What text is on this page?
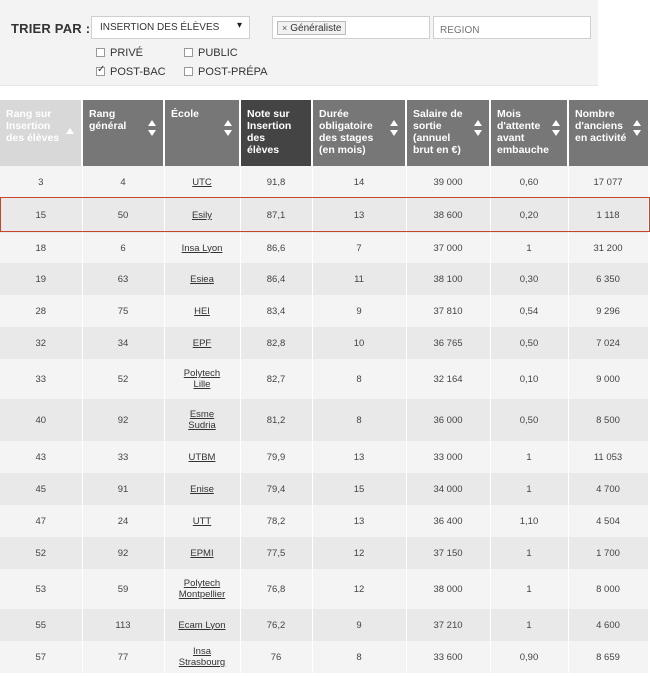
TRIER PAR : INSERTION DES ÉLÈVES ▾	× Généraliste
REGION
PRIVÉ	PUBLIC
✓POST-BAC	POST-PRÉPA
Rang sur Insertion des élèves	Rang général	École	Note sur Insertion des élèves	Durée obligatoire des stages (en mois)	Salaire de sortie (annuel brut en €)	Mois d'attente avant embauche	Nombre d'anciens en activité

3	4	UTC	91,8	14	39 000	0,60	17 077
15	50	Esily	87,1	13	38 600	0,20	1 118
18	6	Insa Lyon	86,6	7	37 000	1	31 200
19	63	Esiea	86,4	11	38 100	0,30	6 350
28	75	HEI	83,4	9	37 810	0,54	9 296
32	34	EPF	82,8	10	36 765	0,50	7 024
33	52	Polytech Lille	82,7	8	32 164	0,10	9 000
40	92	Esme Sudria	81,2	8	36 000	0,50	8 500
43	33	UTBM	79,9	13	33 000	1	11 053
45	91	Enise	79,4	15	34 000	1	4 700
47	24	UTT	78,2	13	36 400	1,10	4 504
52	92	EPMI	77,5	12	37 150	1	1 700
53	59	Polytech Montpellier	76,8	12	38 000	1	8 000
55	113	Ecam Lyon	76,2	9	37 210	1	4 600
57	77	Insa Strasbourg	76	8	33 600	0,90	8 659
